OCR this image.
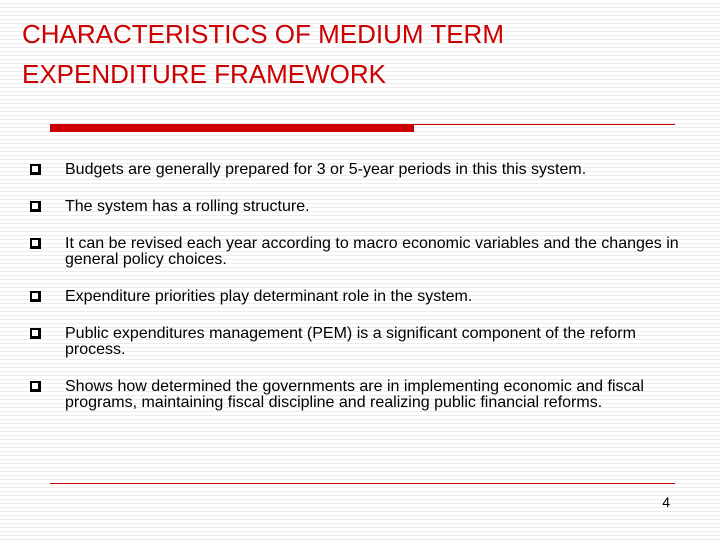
CHARACTERISTICS OF MEDIUM TERM
EXPENDITURE FRAMEWORK
Budgets are generally prepared for 3 or 5-year periods in this this system.
The system has a rolling structure.
It can be revised each year according to macro economic variables and the changes in general policy choices.
Expenditure priorities play determinant role in the system.
Public expenditures management (PEM) is a significant component of the reform process.
Shows how determined the governments are in implementing economic and fiscal programs, maintaining fiscal discipline and realizing public financial reforms.
4
